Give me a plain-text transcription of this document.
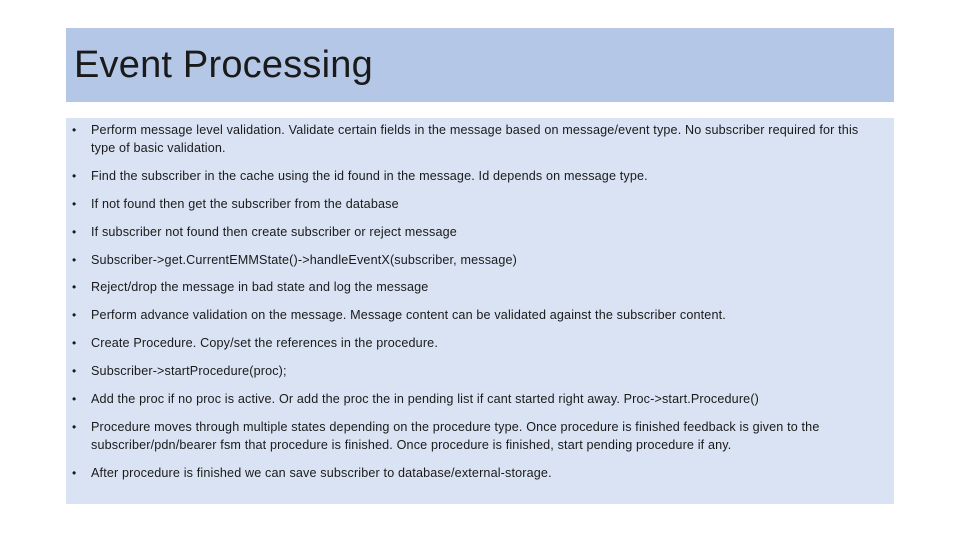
Event Processing
• Perform message level validation. Validate certain fields in the message based on message/event type. No subscriber required for this type of basic validation.
• Find the subscriber in the cache using the id found in the message. Id depends on message type.
• If not found then get the subscriber from the database
• If subscriber not found then create subscriber or reject message
• Subscriber->get.CurrentEMMState()->handleEventX(subscriber, message)
• Reject/drop the message in bad state and log the message
• Perform advance validation on the message. Message content can be validated against the subscriber content.
• Create Procedure. Copy/set the references in the procedure.
• Subscriber->startProcedure(proc);
• Add the proc if no proc is active. Or add the proc the in pending list if cant started right away. Proc->start.Procedure()
• Procedure moves through multiple states depending on the procedure type. Once procedure is finished feedback is given to the subscriber/pdn/bearer fsm that procedure is finished. Once procedure is finished, start pending procedure if any.
• After procedure is finished we can save subscriber to database/external-storage.
